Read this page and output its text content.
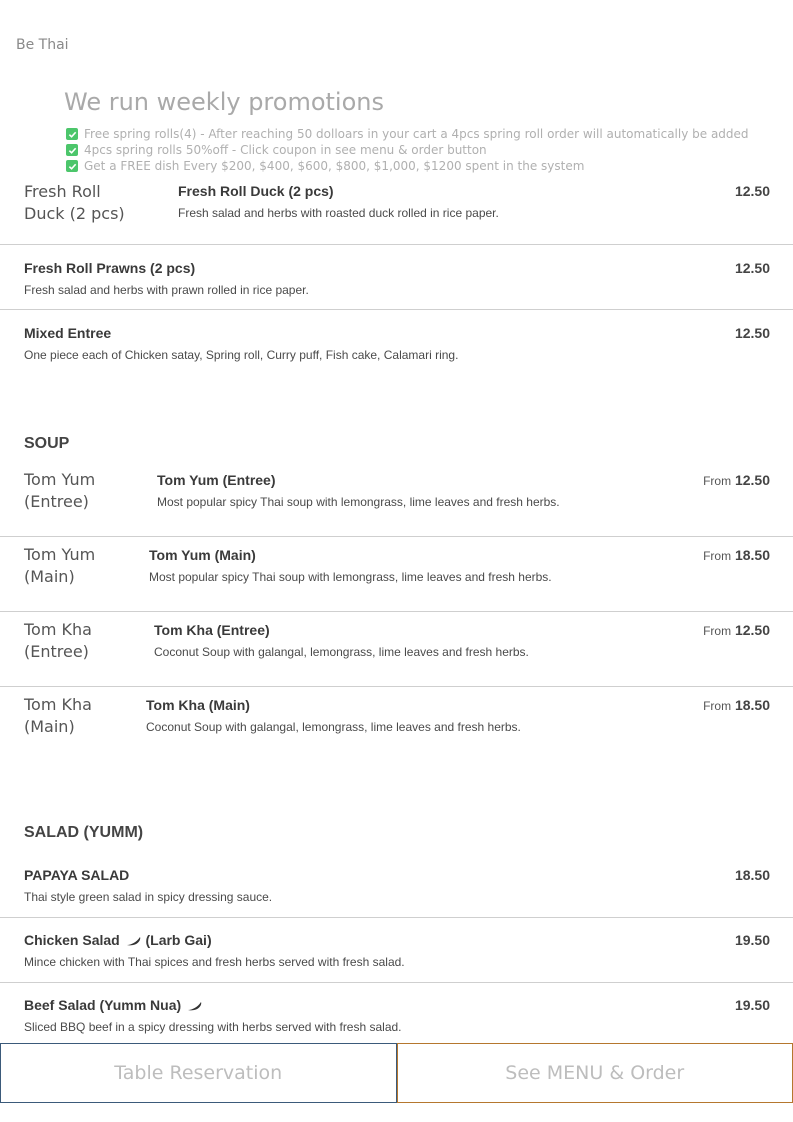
Be Thai
We run weekly promotions
Free spring rolls(4) - After reaching 50 dolloars in your cart a 4pcs spring roll order will automatically be added
4pcs spring rolls 50%off - Click coupon in see menu & order button
Get a FREE dish Every $200, $400, $600, $800, $1,000, $1200 spent in the system
Fresh Roll Duck (2 pcs)
Fresh Roll Duck (2 pcs)
Fresh salad and herbs with roasted duck rolled in rice paper.
12.50
Fresh Roll Prawns (2 pcs)
Fresh salad and herbs with prawn rolled in rice paper.
12.50
Mixed Entree
One piece each of Chicken satay, Spring roll, Curry puff, Fish cake, Calamari ring.
12.50
SOUP
Tom Yum (Entree)
Tom Yum (Entree)
Most popular spicy Thai soup with lemongrass, lime leaves and fresh herbs.
From 12.50
Tom Yum (Main)
Tom Yum (Main)
Most popular spicy Thai soup with lemongrass, lime leaves and fresh herbs.
From 18.50
Tom Kha (Entree)
Tom Kha (Entree)
Coconut Soup with galangal, lemongrass, lime leaves and fresh herbs.
From 12.50
Tom Kha (Main)
Tom Kha (Main)
Coconut Soup with galangal, lemongrass, lime leaves and fresh herbs.
From 18.50
SALAD (YUMM)
PAPAYA SALAD
Thai style green salad in spicy dressing sauce.
18.50
Chicken Salad (Larb Gai)
Mince chicken with Thai spices and fresh herbs served with fresh salad.
19.50
Beef Salad (Yumm Nua)
Sliced BBQ beef in a spicy dressing with herbs served with fresh salad.
19.50
Table Reservation	See MENU & Order
